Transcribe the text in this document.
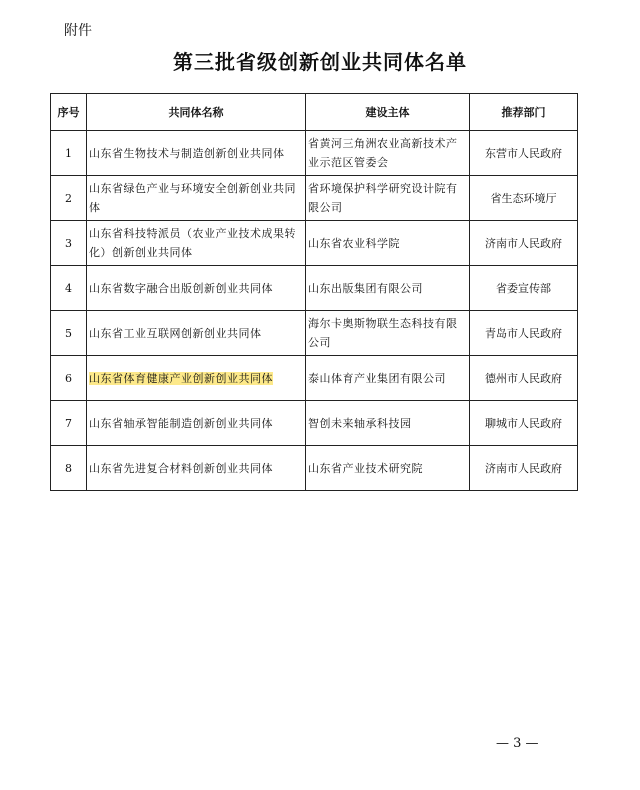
附件
第三批省级创新创业共同体名单
序号	共同体名称	建设主体	推荐部门
1	山东省生物技术与制造创新创业共同体	省黄河三角洲农业高新技术产业示范区管委会	东营市人民政府
2	山东省绿色产业与环境安全创新创业共同体	省环境保护科学研究设计院有限公司	省生态环境厅
3	山东省科技特派员（农业产业技术成果转化）创新创业共同体	山东省农业科学院	济南市人民政府
4	山东省数字融合出版创新创业共同体	山东出版集团有限公司	省委宣传部
5	山东省工业互联网创新创业共同体	海尔卡奥斯物联生态科技有限公司	青岛市人民政府
6	山东省体育健康产业创新创业共同体	泰山体育产业集团有限公司	德州市人民政府
7	山东省轴承智能制造创新创业共同体	智创未来轴承科技园	聊城市人民政府
8	山东省先进复合材料创新创业共同体	山东省产业技术研究院	济南市人民政府
— 3 —
